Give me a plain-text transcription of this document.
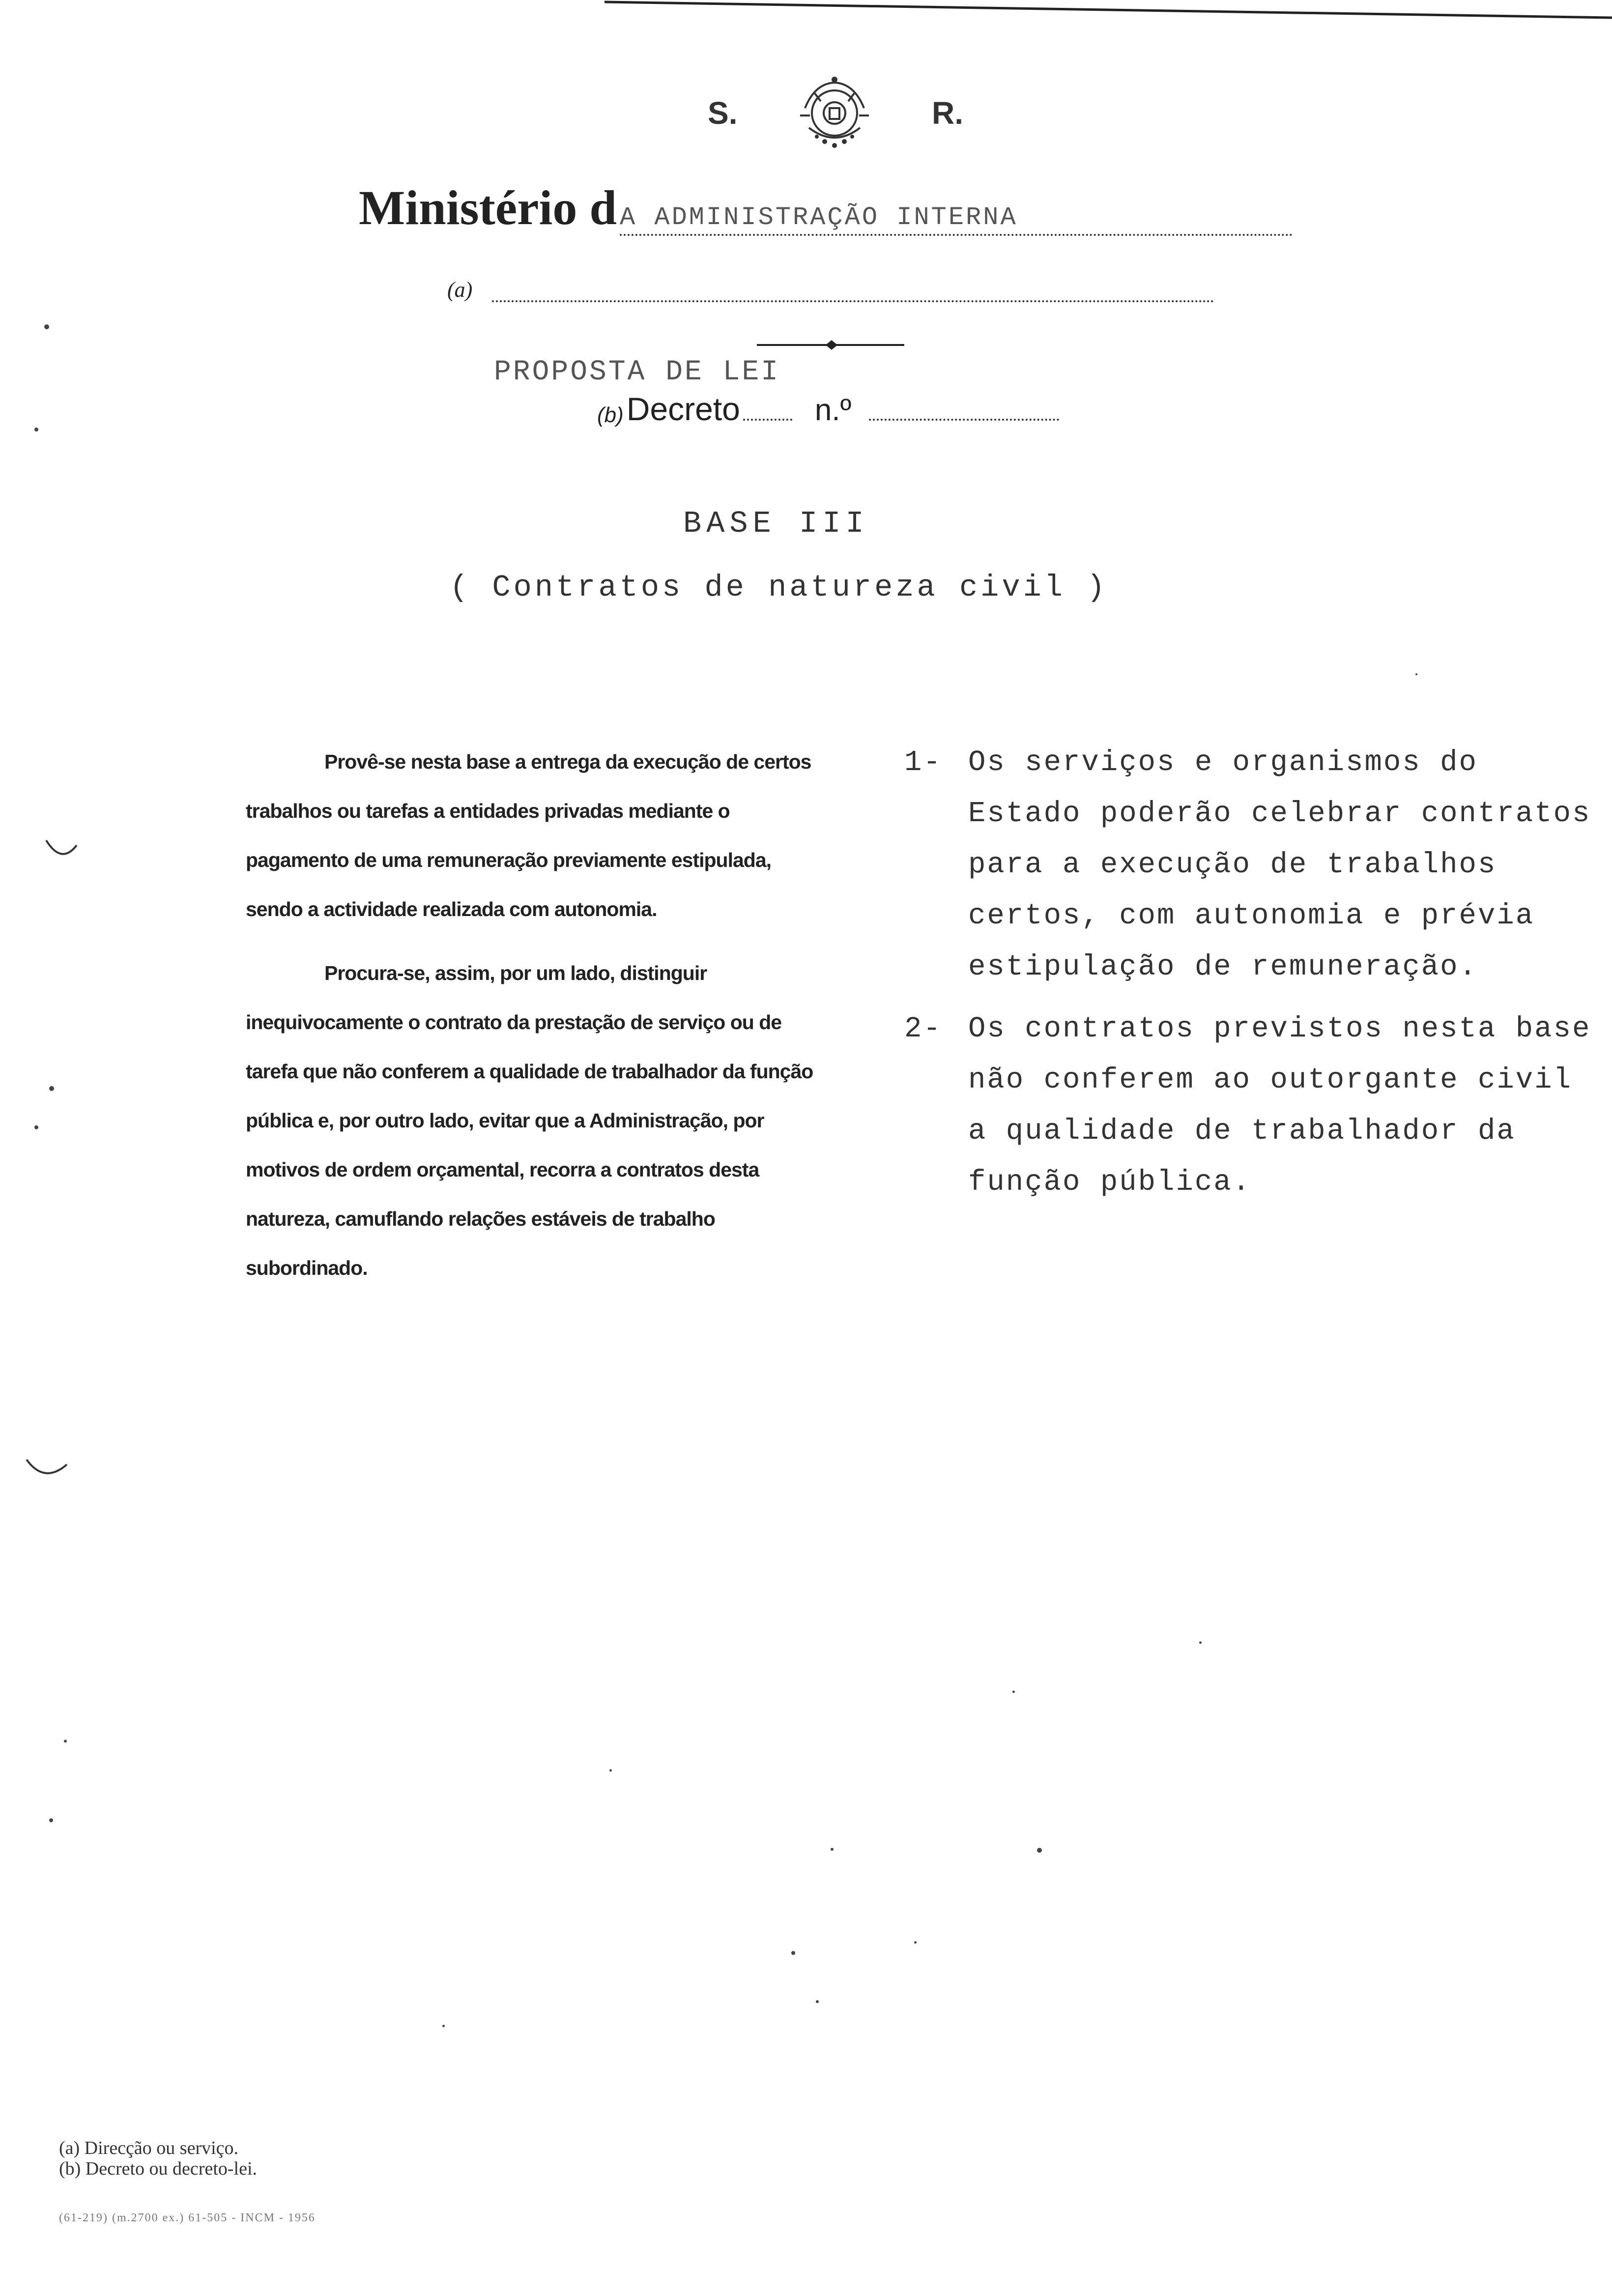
S.	R.
Ministério d A ADMINISTRAÇÃO INTERNA
(a)
PROPOSTA DE LEI
(b) Decreto n.º
BASE III
( Contratos de natureza civil )

Provê-se nesta base a entrega da execução de certos trabalhos ou tarefas a entidades privadas mediante o pagamento de uma remuneração previamente estipulada, sendo a actividade realizada com autonomia.

Procura-se, assim, por um lado, distinguir inequivocamente o contrato da prestação de serviço ou de tarefa que não conferem a qualidade de trabalhador da função pública e, por outro lado, evitar que a Administração, por motivos de ordem orçamental, recorra a contratos desta natureza, camuflando relações estáveis de trabalho subordinado.

1- Os serviços e organismos do Estado poderão celebrar contratos para a execução de trabalhos certos, com autonomia e prévia estipulação de remuneração.
2- Os contratos previstos nesta base não conferem ao outorgante civil a qualidade de trabalhador da função pública.
(a) Direcção ou serviço.
(b) Decreto ou decreto-lei.
(61-219) (m.2700 ex.) 61-505 - INCM - 1956
